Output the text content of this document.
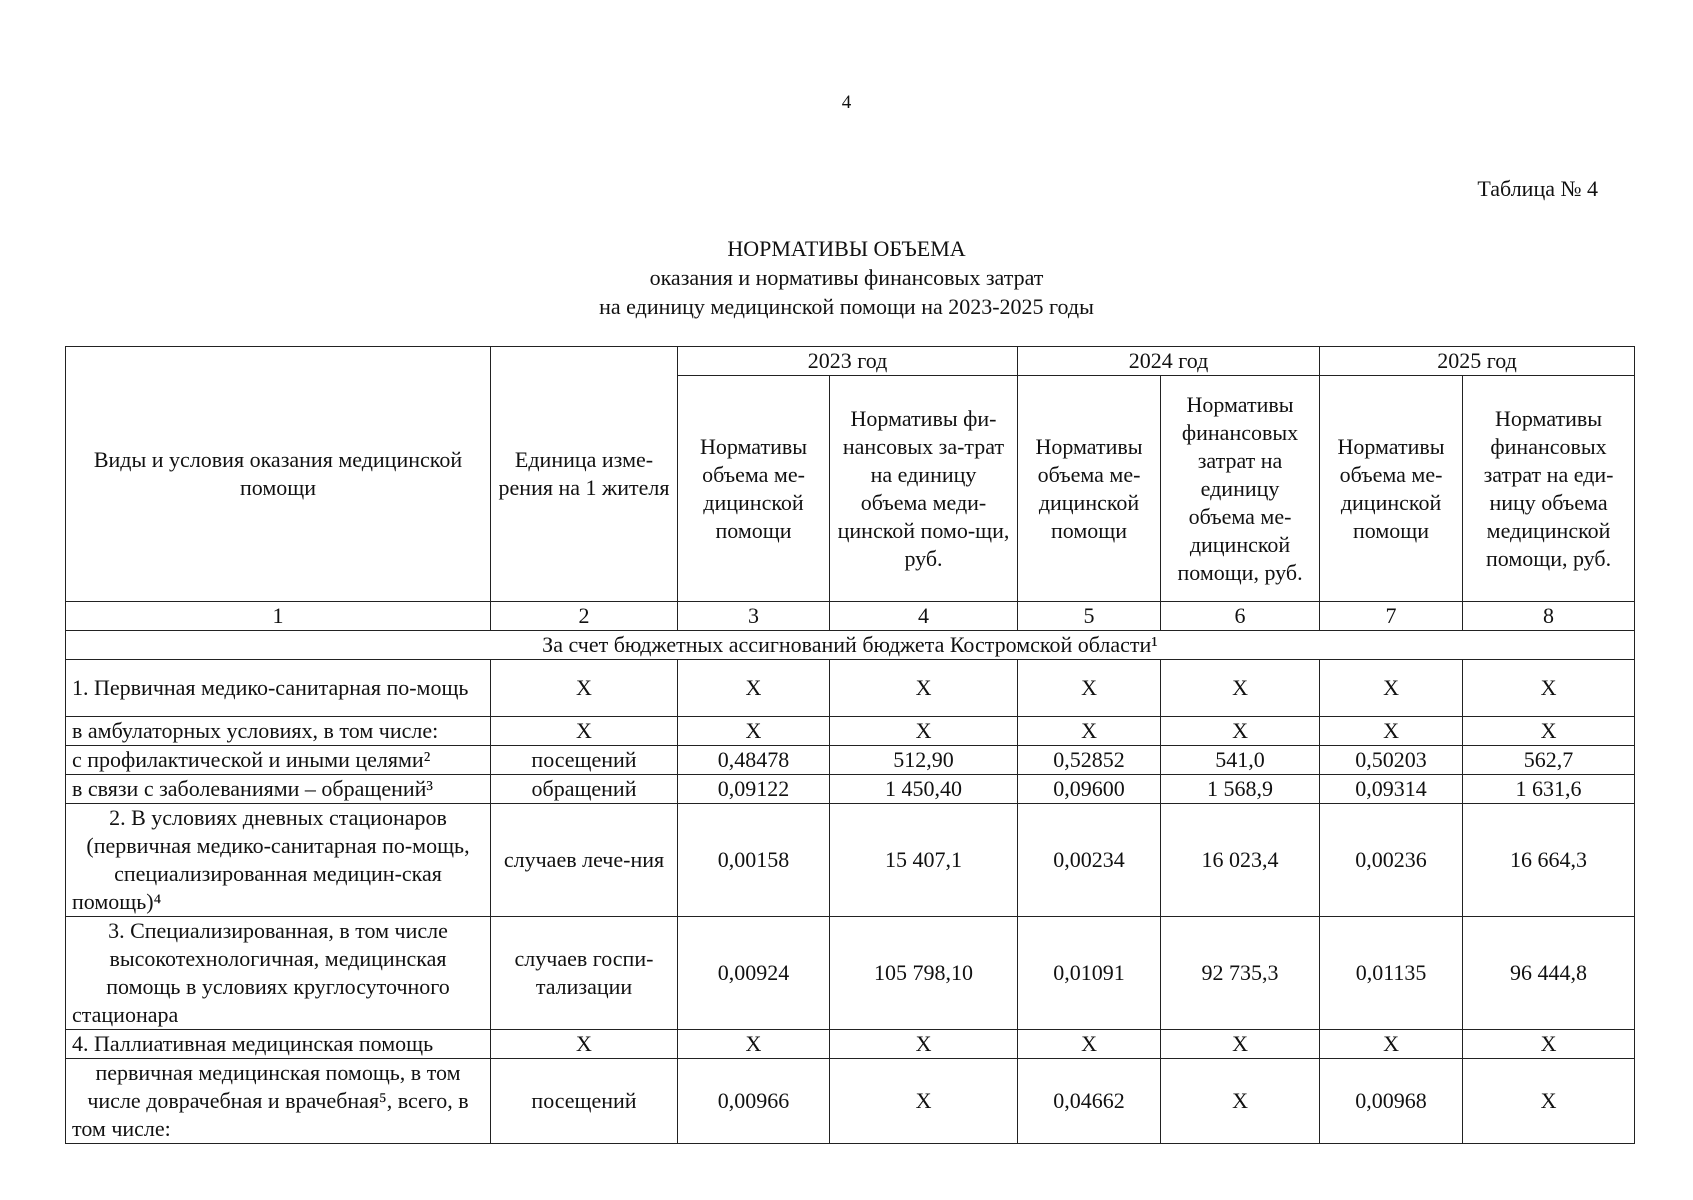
4
Таблица № 4
НОРМАТИВЫ ОБЪЕМА
оказания и нормативы финансовых затрат
на единицу медицинской помощи на 2023-2025 годы
Виды и условия оказания медицинской помощи	Единица изме-рения на 1 жителя	2023 год		2024 год		2025 год	
		Нормативы объема ме-дицинской помощи	Нормативы фи-нансовых за-трат на единицу объема меди-цинской помо-щи, руб.	Нормативы объема ме-дицинской помощи	Нормативы финансовых затрат на единицу объема ме-дицинской помощи, руб.	Нормативы объема ме-дицинской помощи	Нормативы финансовых затрат на еди-ницу объема медицинской помощи, руб.
1	2	3	4	5	6	7	8
За счет бюджетных ассигнований бюджета Костромской области¹							
1. Первичная медико-санитарная по-мощь	X	X	X	X	X	X	X
в амбулаторных условиях, в том числе:	X	X	X	X	X	X	X
с профилактической и иными целями²	посещений	0,48478	512,90	0,52852	541,0	0,50203	562,7
в связи с заболеваниями – обращений³	обращений	0,09122	1 450,40	0,09600	1 568,9	0,09314	1 631,6
2. В условиях дневных стационаров (первичная медико-санитарная по-мощь, специализированная медицин-ская помощь)⁴	случаев лече-ния	0,00158	15 407,1	0,00234	16 023,4	0,00236	16 664,3
3. Специализированная, в том числе высокотехнологичная, медицинская помощь в условиях круглосуточного стационара	случаев госпи-тализации	0,00924	105 798,10	0,01091	92 735,3	0,01135	96 444,8
4. Паллиативная медицинская помощь	X	X	X	X	X	X	X
первичная медицинская помощь, в том числе доврачебная и врачебная⁵, всего, в том числе:	посещений	0,00966	X	0,04662	X	0,00968	X
